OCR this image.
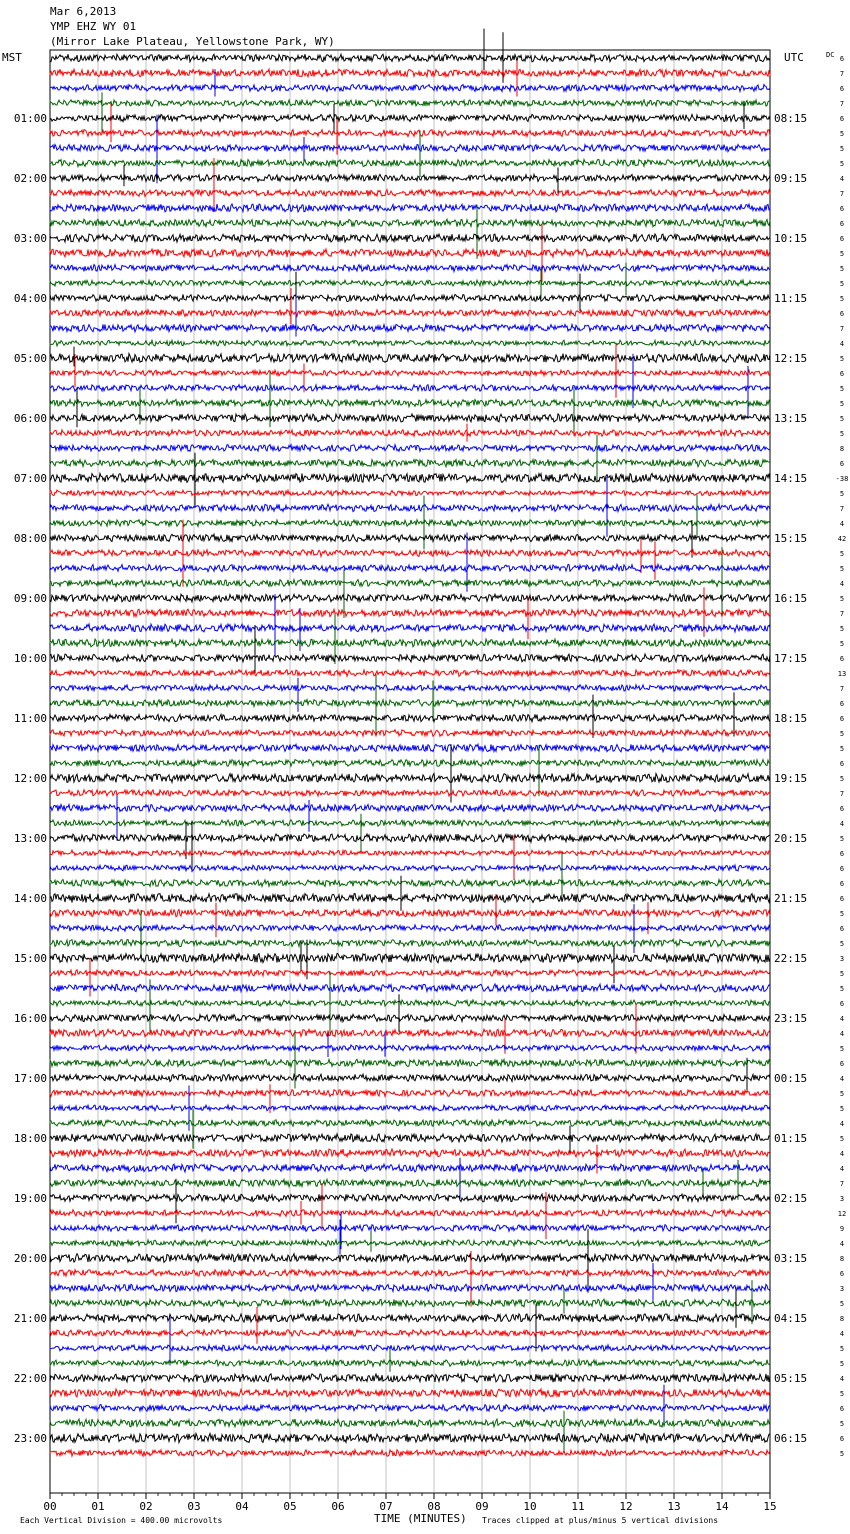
Mar 6,2013
YMP EHZ WY 01
(Mirror Lake Plateau, Yellowstone Park, WY)
00	01	02	03	04	05	06	07	08	09	10	11	12	13	14	15
6
7
6
7
6
5
5
5
4
7
6
6
6
5
5
5
5
6
7
4
5
6
5
5
5
5
8
6
-38
5
7
4
42
5
5
4
5
7
5
5
6
13
7
6
6
5
5
6
5
7
6
4
5
6
6
6
6
5
6
5
3
5
5
6
4
4
5
6
4
5
5
4
5
4
4
7
3
12
9
4
8
6
3
5
8
4
5
5
4
5
6
5
6
5
01:00
02:00
03:00
04:00
05:00
06:00
07:00
08:00
09:00
10:00
11:00
12:00
13:00
14:00
15:00
16:00
17:00
18:00
19:00
20:00
21:00
22:00
23:00
08:15
09:15
10:15
11:15
12:15
13:15
14:15
15:15
16:15
17:15
18:15
19:15
20:15
21:15
22:15
23:15
00:15
01:15
02:15
03:15
04:15
05:15
06:15
MST	UTC	DC
TIME (MINUTES)
Each Vertical Division = 400.00 microvolts	Traces clipped at plus/minus 5 vertical divisions
